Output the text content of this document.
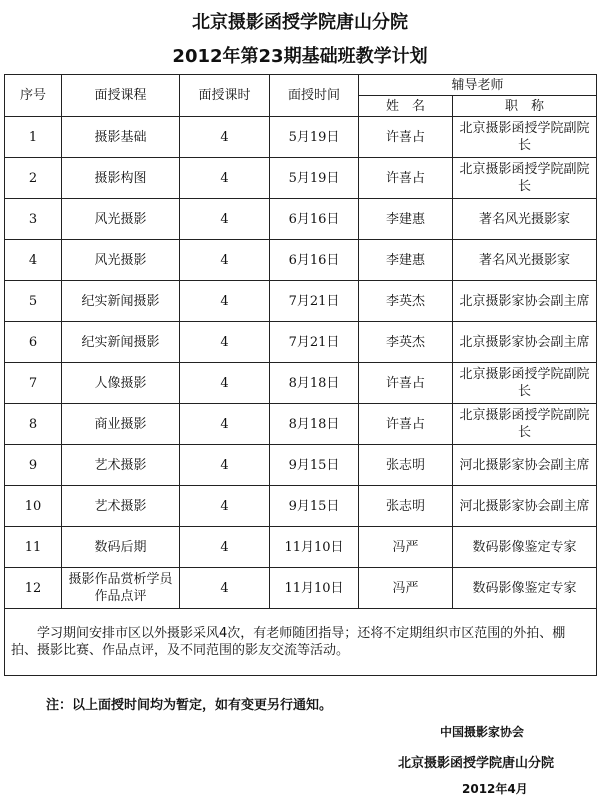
北京摄影函授学院唐山分院
2012年第23期基础班教学计划
序号	面授课程	面授课时	面授时间	辅导老师	
				姓　名	职　称
1	摄影基础	4	5月19日	许喜占	北京摄影函授学院副院长
2	摄影构图	4	5月19日	许喜占	北京摄影函授学院副院长
3	风光摄影	4	6月16日	李建惠	著名风光摄影家
4	风光摄影	4	6月16日	李建惠	著名风光摄影家
5	纪实新闻摄影	4	7月21日	李英杰	北京摄影家协会副主席
6	纪实新闻摄影	4	7月21日	李英杰	北京摄影家协会副主席
7	人像摄影	4	8月18日	许喜占	北京摄影函授学院副院长
8	商业摄影	4	8月18日	许喜占	北京摄影函授学院副院长
9	艺术摄影	4	9月15日	张志明	河北摄影家协会副主席
10	艺术摄影	4	9月15日	张志明	河北摄影家协会副主席
11	数码后期	4	11月10日	冯严	数码影像鉴定专家
12	摄影作品赏析学员作品点评	4	11月10日	冯严	数码影像鉴定专家
学习期间安排市区以外摄影采风4次，有老师随团指导；还将不定期组织市区范围的外拍、棚拍、摄影比赛、作品点评，及不同范围的影友交流等活动。					
注：以上面授时间均为暂定，如有变更另行通知。
中国摄影家协会
北京摄影函授学院唐山分院
2012年4月
